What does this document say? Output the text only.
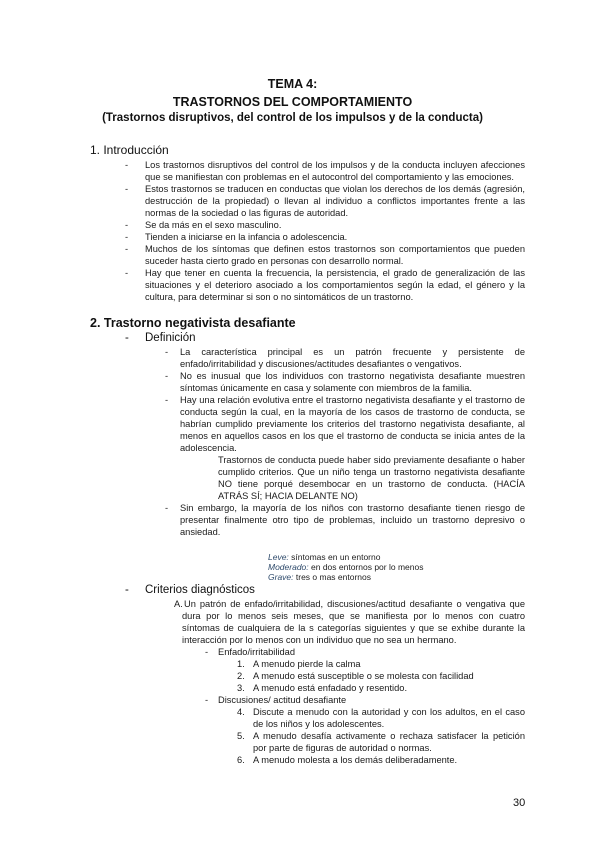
TEMA 4:
TRASTORNOS DEL COMPORTAMIENTO
(Trastornos disruptivos, del control de los impulsos y de la conducta)
1. Introducción
- Los trastornos disruptivos del control de los impulsos y de la conducta incluyen afecciones que se manifiestan con problemas en el autocontrol del comportamiento y las emociones.
- Estos trastornos se traducen en conductas que violan los derechos de los demás (agresión, destrucción de la propiedad) o llevan al individuo a conflictos importantes frente a las normas de la sociedad o las figuras de autoridad.
- Se da más en el sexo masculino.
- Tienden a iniciarse en la infancia o adolescencia.
- Muchos de los síntomas que definen estos trastornos son comportamientos que pueden suceder hasta cierto grado en personas con desarrollo normal.
- Hay que tener en cuenta la frecuencia, la persistencia, el grado de generalización de las situaciones y el deterioro asociado a los comportamientos según la edad, el género y la cultura, para determinar si son o no sintomáticos de un trastorno.
2. Trastorno negativista desafiante
- Definición
- La característica principal es un patrón frecuente y persistente de enfado/irritabilidad y discusiones/actitudes desafiantes o vengativos.
- No es inusual que los individuos con trastorno negativista desafiante muestren síntomas únicamente en casa y solamente con miembros de la familia.
- Hay una relación evolutiva entre el trastorno negativista desafiante y el trastorno de conducta según la cual, en la mayoría de los casos de trastorno de conducta, se habrían cumplido previamente los criterios del trastorno negativista desafiante, al menos en aquellos casos en los que el trastorno de conducta se inicia antes de la adolescencia.
Trastornos de conducta puede haber sido previamente desafiante o haber cumplido criterios. Que un niño tenga un trastorno negativista desafiante NO tiene porqué desembocar en un trastorno de conducta. (HACÍA ATRÁS SÍ; HACIA DELANTE NO)
- Sin embargo, la mayoría de los niños con trastorno desafiante tienen riesgo de presentar finalmente otro tipo de problemas, incluido un trastorno depresivo o ansiedad.
Leve: síntomas en un entorno
Moderado: en dos entornos por lo menos
Grave: tres o mas entornos
- Criterios diagnósticos
A. Un patrón de enfado/irritabilidad, discusiones/actitud desafiante o vengativa que dura por lo menos seis meses, que se manifiesta por lo menos con cuatro síntomas de cualquiera de la s categorías siguientes y que se exhibe durante la interacción por lo menos con un individuo que no sea un hermano.
- Enfado/irritabilidad
1. A menudo pierde la calma
2. A menudo está susceptible o se molesta con facilidad
3. A menudo está enfadado y resentido.
- Discusiones/ actitud desafiante
4. Discute a menudo con la autoridad y con los adultos, en el caso de los niños y los adolescentes.
5. A menudo desafía activamente o rechaza satisfacer la petición por parte de figuras de autoridad o normas.
6. A menudo molesta a los demás deliberadamente.
30
